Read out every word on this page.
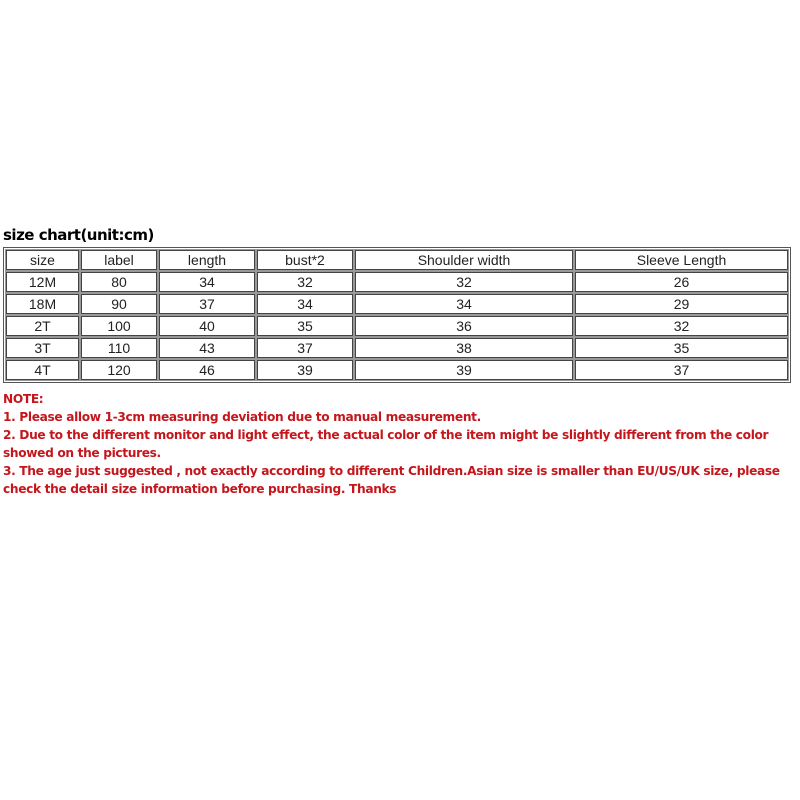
size chart(unit:cm)
size	label	length	bust*2	Shoulder width	Sleeve Length
12M	80	34	32	32	26
18M	90	37	34	34	29
2T	100	40	35	36	32
3T	110	43	37	38	35
4T	120	46	39	39	37
NOTE:
1. Please allow 1-3cm measuring deviation due to manual measurement.
2. Due to the different monitor and light effect, the actual color of the item might be slightly different from the color showed on the pictures.
3. The age just suggested , not exactly according to different Children.Asian size is smaller than EU/US/UK size, please check the detail size information before purchasing. Thanks
